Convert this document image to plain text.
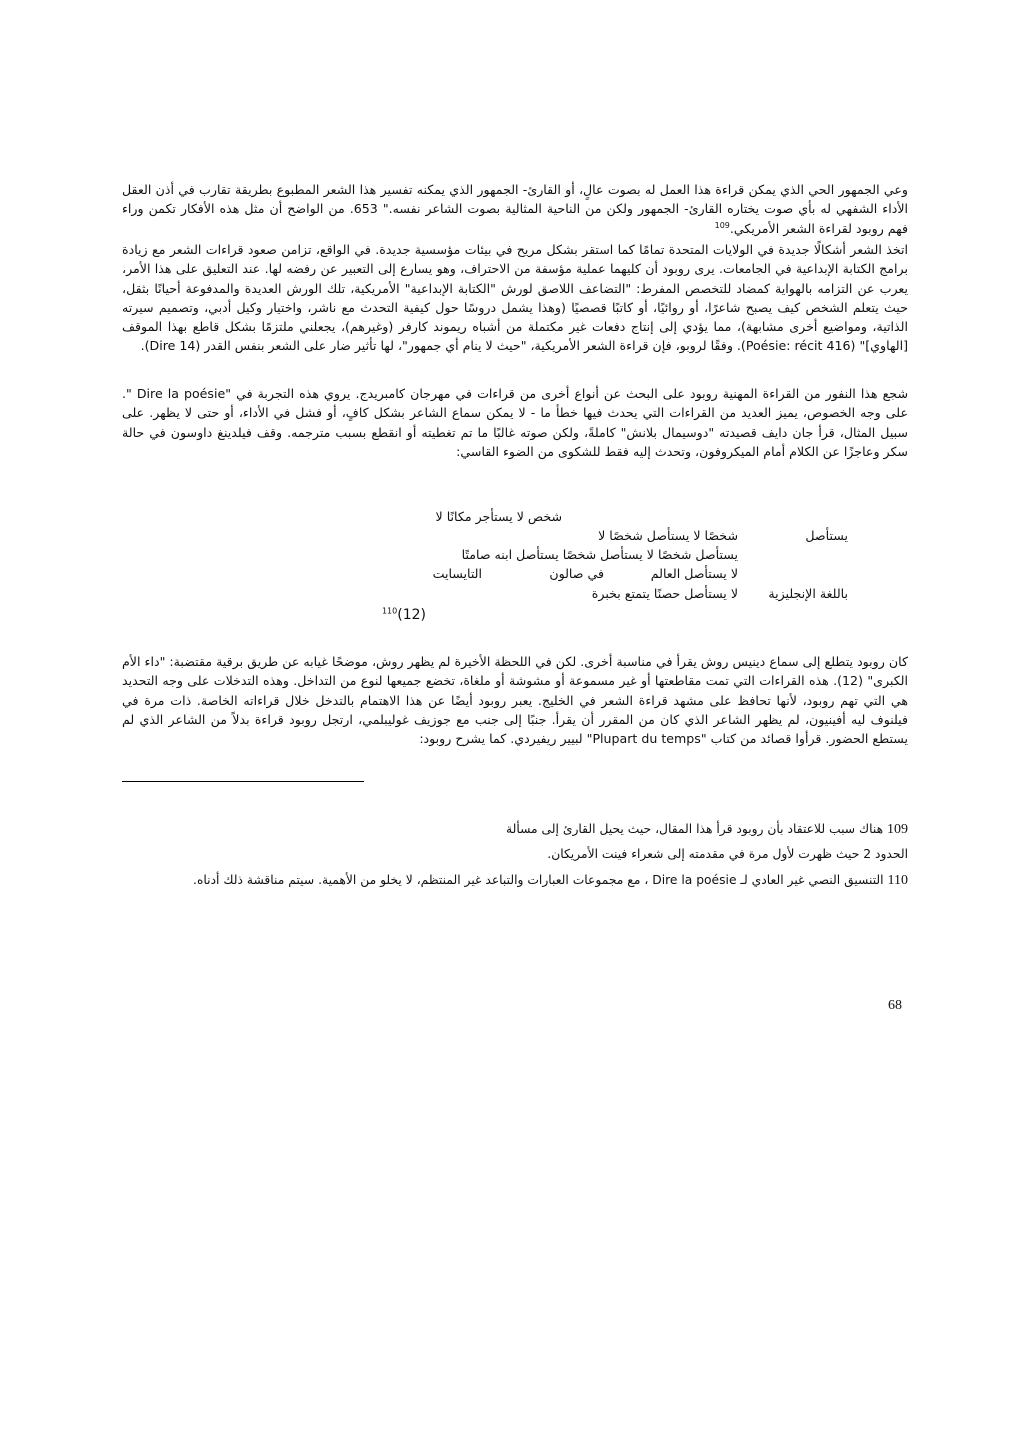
وعي الجمهور الحي الذي يمكن قراءة هذا العمل له بصوت عالٍ، أو القارئ- الجمهور الذي يمكنه تفسير هذا الشعر المطبوع بطريقة تقارب في أذن العقل الأداء الشفهي له بأي صوت يختاره القارئ- الجمهور ولكن من الناحية المثالية بصوت الشاعر نفسه." 653. من الواضح أن مثل هذه الأفكار تكمن وراء فهم روبود لقراءة الشعر الأمريكي.$^{109}$

اتخذ الشعر أشكالًا جديدة في الولايات المتحدة تمامًا كما استقر بشكل مريح في بيئات مؤسسية جديدة. في الواقع، تزامن صعود قراءات الشعر مع زيادة برامج الكتابة الإبداعية في الجامعات. يرى روبود أن كليهما عملية مؤسفة من الاحتراف، وهو يسارع إلى التعبير عن رفضه لها. عند التعليق على هذا الأمر، يعرب عن التزامه بالهواية كمضاد للتخصص المفرط: "التضاعف اللاصق لورش "الكتابة الإبداعية" الأمريكية، تلك الورش العديدة والمدفوعة أحيانًا بثقل، حيث يتعلم الشخص كيف يصبح شاعرًا، أو روائيًا، أو كاتبًا قصصيًا (وهذا يشمل دروسًا حول كيفية التحدث مع ناشر، واختيار وكيل أدبي، وتصميم سيرته الذاتية، ومواضيع أخرى مشابهة)، مما يؤدي إلى إنتاج دفعات غير مكتملة من أشباه ريموند كارفر (وغيرهم)، يجعلني ملتزمًا بشكل قاطع بهذا الموقف [الهاوي]" (Poésie: récit 416). وفقًا لروبو، فإن قراءة الشعر الأمريكية، "حيث لا ينام أي جمهور"، لها تأثير ضار على الشعر بنفس القدر (Dire 14).

شجع هذا النفور من القراءة المهنية روبود على البحث عن أنواع أخرى من قراءات في مهرجان كامبريدج. يروي هذه التجربة في "Dire la poésie ". على وجه الخصوص، يميز العديد من القراءات التي يحدث فيها خطأ ما - لا يمكن سماع الشاعر بشكل كافٍ، أو فشل في الأداء، أو حتى لا يظهر. على سبيل المثال، قرأ جان دايف قصيدته "دوسيمال بلانش" كاملةً، ولكن صوته غالبًا ما تم تغطيته أو انقطع بسبب مترجمه. وقف فيلدينغ داوسون في حالة سكر وعاجزًا عن الكلام أمام الميكروفون، وتحدث إليه فقط للشكوى من الضوء القاسي:

شخص لا يستأجر مكانًا لا
يستأصل
شخصًا لا يستأصل شخصًا لا
يستأصل شخصًا لا يستأصل شخصًا يستأصل ابنه صامتًا
لا يستأصل العالم
في صالون
التايسايت
باللغة الإنجليزية
لا يستأصل حصنًا يتمتع بخبرة
$^{110}$(12)

كان روبود يتطلع إلى سماع دينيس روش يقرأ في مناسبة أخرى. لكن في اللحظة الأخيرة لم يظهر روش، موضحًا غيابه عن طريق برقية مقتضبة: "داء الأم الكبرى" (12). هذه القراءات التي تمت مقاطعتها أو غير مسموعة أو مشوشة أو ملغاة، تخضع جميعها لنوع من التداخل. وهذه التدخلات على وجه التحديد هي التي تهم روبود، لأنها تحافظ على مشهد قراءة الشعر في الخليج. يعبر روبود أيضًا عن هذا الاهتمام بالتدخل خلال قراءاته الخاصة. ذات مرة في فيلنوف ليه أفينيون، لم يظهر الشاعر الذي كان من المقرر أن يقرأ. جنبًا إلى جنب مع جوزيف غوليبلمي، ارتجل روبود قراءة بدلاً من الشاعر الذي لم يستطع الحضور. قرأوا قصائد من كتاب "Plupart du temps" لبيير ريفيردي. كما يشرح روبود:

109 هناك سبب للاعتقاد بأن روبود قرأ هذا المقال، حيث يحيل القارئ إلى مسألة
الحدود 2 حيث ظهرت لأول مرة في مقدمته إلى شعراء فينت الأمريكان.
110 التنسيق النصي غير العادي لـ Dire la poésie ، مع مجموعات العبارات والتباعد غير المنتظم، لا يخلو من الأهمية. سيتم مناقشة ذلك أدناه.
68
